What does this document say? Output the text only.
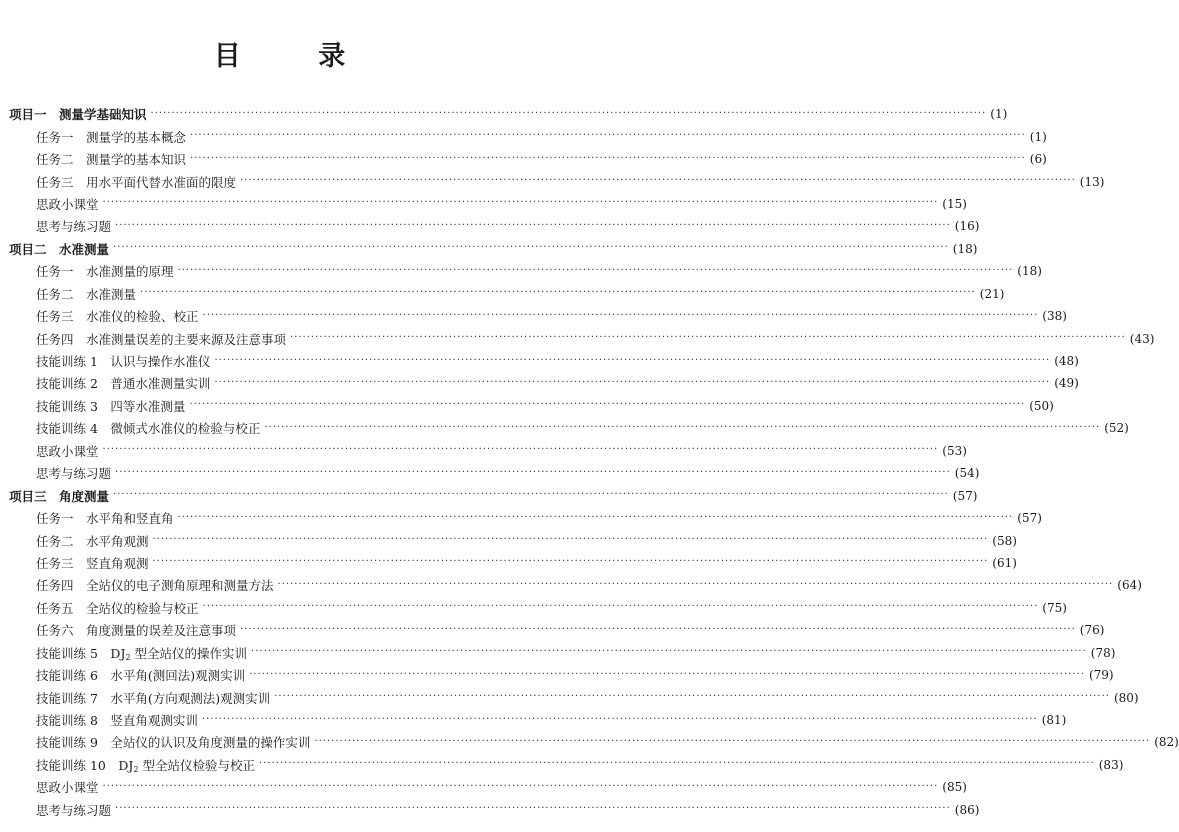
目 录
项目一　测量学基础知识 ········································································································································································································ (1)
任务一　测量学的基本概念 ········································································································································································································ (1)
任务二　测量学的基本知识 ········································································································································································································ (6)
任务三　用水平面代替水准面的限度 ········································································································································································································ (13)
思政小课堂 ········································································································································································································ (15)
思考与练习题 ········································································································································································································ (16)
项目二　水准测量 ········································································································································································································ (18)
任务一　水准测量的原理 ········································································································································································································ (18)
任务二　水准测量 ········································································································································································································ (21)
任务三　水准仪的检验、校正 ········································································································································································································ (38)
任务四　水准测量误差的主要来源及注意事项 ········································································································································································································ (43)
技能训练 1　认识与操作水准仪 ········································································································································································································ (48)
技能训练 2　普通水准测量实训 ········································································································································································································ (49)
技能训练 3　四等水准测量 ········································································································································································································ (50)
技能训练 4　微倾式水准仪的检验与校正 ········································································································································································································ (52)
思政小课堂 ········································································································································································································ (53)
思考与练习题 ········································································································································································································ (54)
项目三　角度测量 ········································································································································································································ (57)
任务一　水平角和竖直角 ········································································································································································································ (57)
任务二　水平角观测 ········································································································································································································ (58)
任务三　竖直角观测 ········································································································································································································ (61)
任务四　全站仪的电子测角原理和测量方法 ········································································································································································································ (64)
任务五　全站仪的检验与校正 ········································································································································································································ (75)
任务六　角度测量的误差及注意事项 ········································································································································································································ (76)
技能训练 5　$DJ_2$ 型全站仪的操作实训 ········································································································································································································ (78)
技能训练 6　水平角(测回法)观测实训 ········································································································································································································ (79)
技能训练 7　水平角(方向观测法)观测实训 ········································································································································································································ (80)
技能训练 8　竖直角观测实训 ········································································································································································································ (81)
技能训练 9　全站仪的认识及角度测量的操作实训 ········································································································································································································ (82)
技能训练 10　$DJ_2$ 型全站仪检验与校正 ········································································································································································································ (83)
思政小课堂 ········································································································································································································ (85)
思考与练习题 ········································································································································································································ (86)
